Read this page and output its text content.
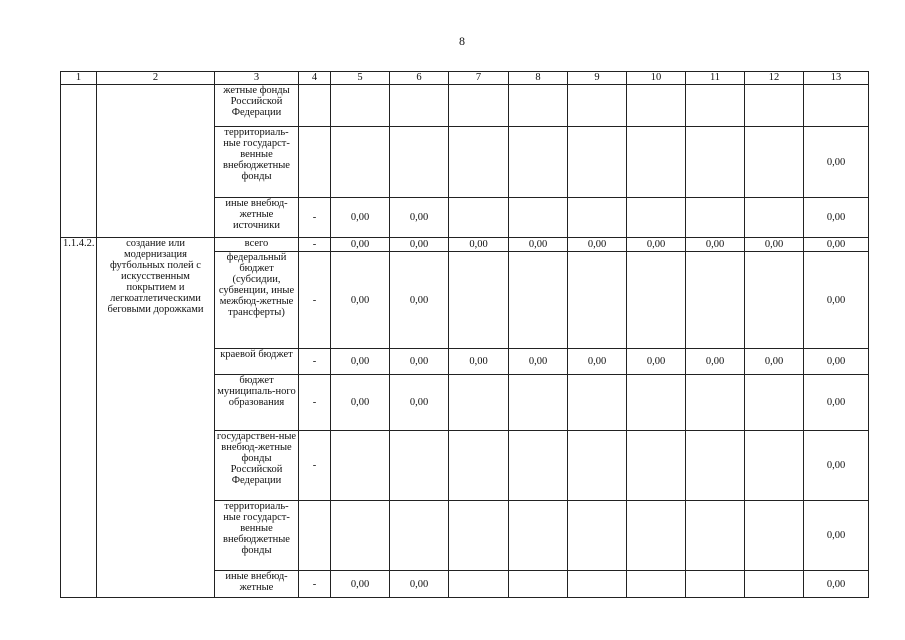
8
1	2	3	4	5	6	7	8	9	10	11	12	13
		жетные фонды Российской Федерации										
		территориаль-ные государст-венные внебюджетные фонды										0,00
		иные внебюд-жетные источники	-	0,00	0,00							0,00
1.1.4.2.	создание или модернизация футбольных полей с искусственным покрытием и легкоатлетическими беговыми дорожками	всего	-	0,00	0,00	0,00	0,00	0,00	0,00	0,00	0,00	0,00
		федеральный бюджет (субсидии, субвенции, иные межбюд-жетные трансферты)	-	0,00	0,00							0,00
		краевой бюджет	-	0,00	0,00	0,00	0,00	0,00	0,00	0,00	0,00	0,00
		бюджет муниципаль-ного образования	-	0,00	0,00							0,00
		государствен-ные внебюд-жетные фонды Российской Федерации	-									0,00
		территориаль-ные государст-венные внебюджетные фонды										0,00
		иные внебюд-жетные	-	0,00	0,00							0,00
